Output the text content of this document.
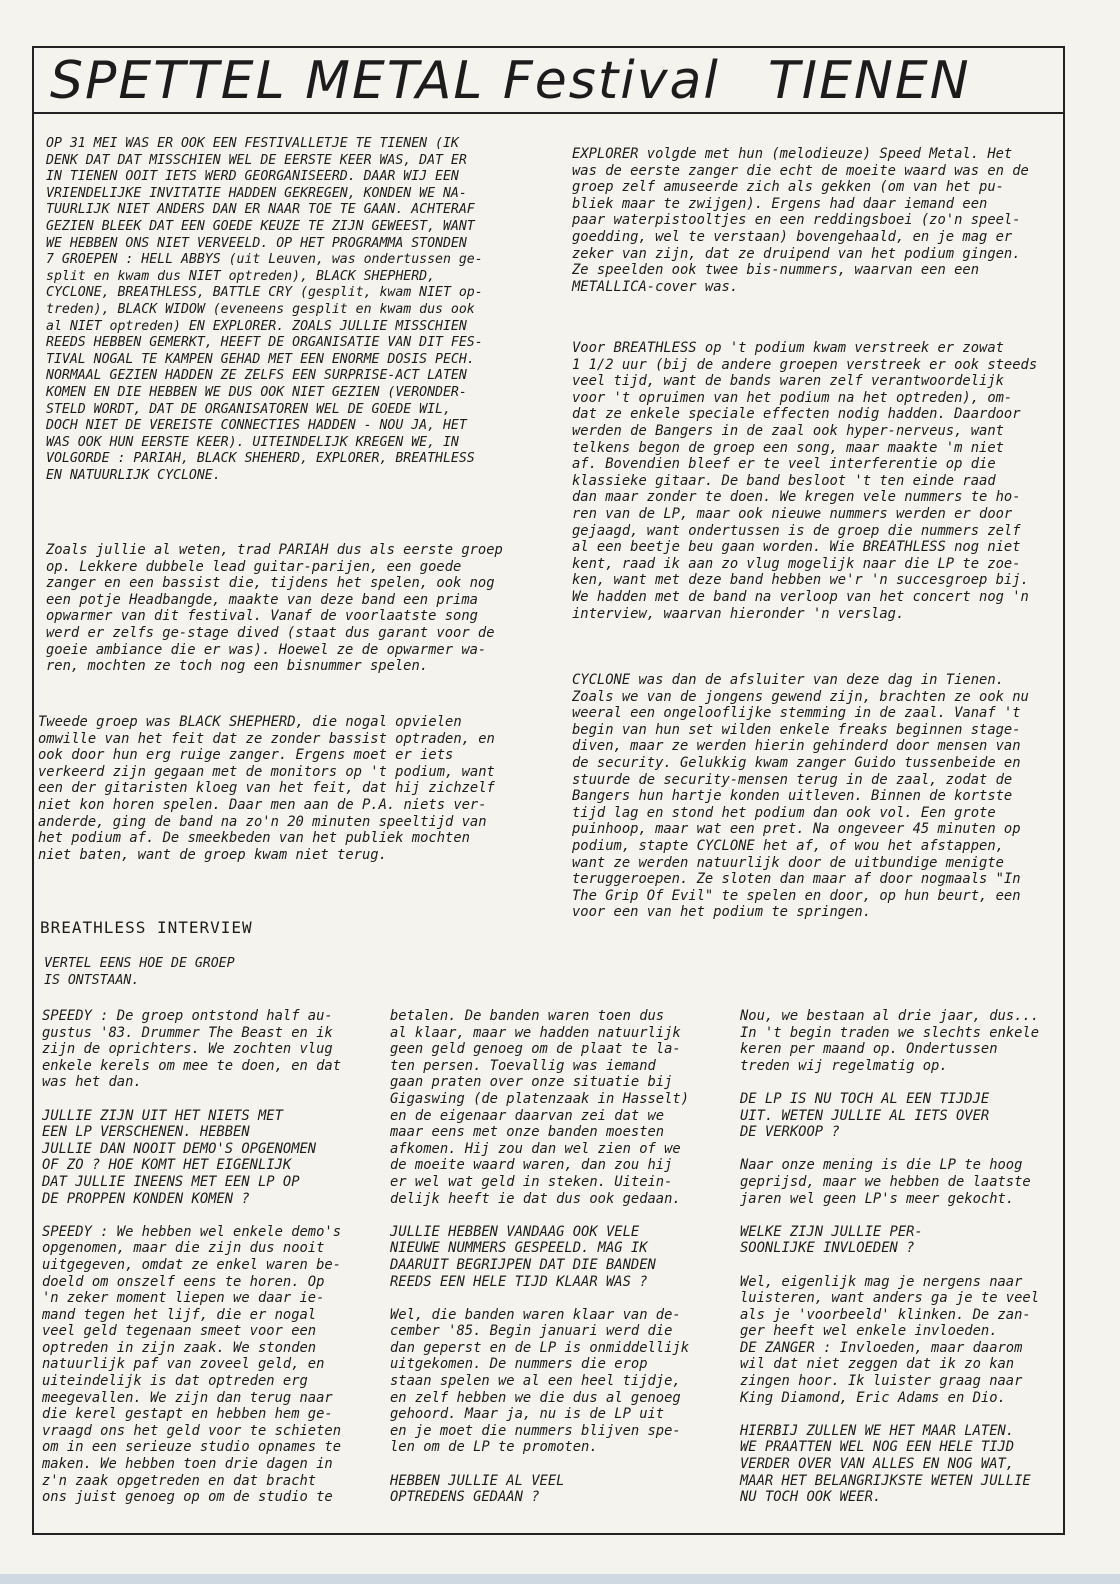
SPETTEL METAL Festival TIENEN
OP 31 MEI WAS ER OOK EEN FESTIVALLETJE TE TIENEN (IK
DENK DAT DAT MISSCHIEN WEL DE EERSTE KEER WAS, DAT ER
IN TIENEN OOIT IETS WERD GEORGANISEERD. DAAR WIJ EEN
VRIENDELIJKE INVITATIE HADDEN GEKREGEN, KONDEN WE NA-
TUURLIJK NIET ANDERS DAN ER NAAR TOE TE GAAN. ACHTERAF
GEZIEN BLEEK DAT EEN GOEDE KEUZE TE ZIJN GEWEEST, WANT
WE HEBBEN ONS NIET VERVEELD. OP HET PROGRAMMA STONDEN
7 GROEPEN : HELL ABBYS (uit Leuven, was ondertussen ge-
split en kwam dus NIET optreden), BLACK SHEPHERD,
CYCLONE, BREATHLESS, BATTLE CRY (gesplit, kwam NIET op-
treden), BLACK WIDOW (eveneens gesplit en kwam dus ook
al NIET optreden) EN EXPLORER. ZOALS JULLIE MISSCHIEN
REEDS HEBBEN GEMERKT, HEEFT DE ORGANISATIE VAN DIT FES-
TIVAL NOGAL TE KAMPEN GEHAD MET EEN ENORME DOSIS PECH.
NORMAAL GEZIEN HADDEN ZE ZELFS EEN SURPRISE-ACT LATEN
KOMEN EN DIE HEBBEN WE DUS OOK NIET GEZIEN (VERONDER-
STELD WORDT, DAT DE ORGANISATOREN WEL DE GOEDE WIL,
DOCH NIET DE VEREISTE CONNECTIES HADDEN - NOU JA, HET
WAS OOK HUN EERSTE KEER). UITEINDELIJK KREGEN WE, IN
VOLGORDE : PARIAH, BLACK SHEHERD, EXPLORER, BREATHLESS
EN NATUURLIJK CYCLONE.
Zoals jullie al weten, trad PARIAH dus als eerste groep
op. Lekkere dubbele lead guitar-parijen, een goede
zanger en een bassist die, tijdens het spelen, ook nog
een potje Headbangde, maakte van deze band een prima
opwarmer van dit festival. Vanaf de voorlaatste song
werd er zelfs ge-stage dived (staat dus garant voor de
goeie ambiance die er was). Hoewel ze de opwarmer wa-
ren, mochten ze toch nog een bisnummer spelen.
Tweede groep was BLACK SHEPHERD, die nogal opvielen
omwille van het feit dat ze zonder bassist optraden, en
ook door hun erg ruige zanger. Ergens moet er iets
verkeerd zijn gegaan met de monitors op 't podium, want
een der gitaristen kloeg van het feit, dat hij zichzelf
niet kon horen spelen. Daar men aan de P.A. niets ver-
anderde, ging de band na zo'n 20 minuten speeltijd van
het podium af. De smeekbeden van het publiek mochten
niet baten, want de groep kwam niet terug.
EXPLORER volgde met hun (melodieuze) Speed Metal. Het
was de eerste zanger die echt de moeite waard was en de
groep zelf amuseerde zich als gekken (om van het pu-
bliek maar te zwijgen). Ergens had daar iemand een
paar waterpistooltjes en een reddingsboei (zo'n speel-
goedding, wel te verstaan) bovengehaald, en je mag er
zeker van zijn, dat ze druipend van het podium gingen.
Ze speelden ook twee bis-nummers, waarvan een een
METALLICA-cover was.
Voor BREATHLESS op 't podium kwam verstreek er zowat
1 1/2 uur (bij de andere groepen verstreek er ook steeds
veel tijd, want de bands waren zelf verantwoordelijk
voor 't opruimen van het podium na het optreden), om-
dat ze enkele speciale effecten nodig hadden. Daardoor
werden de Bangers in de zaal ook hyper-nerveus, want
telkens begon de groep een song, maar maakte 'm niet
af. Bovendien bleef er te veel interferentie op die
klassieke gitaar. De band besloot 't ten einde raad
dan maar zonder te doen. We kregen vele nummers te ho-
ren van de LP, maar ook nieuwe nummers werden er door
gejaagd, want ondertussen is de groep die nummers zelf
al een beetje beu gaan worden. Wie BREATHLESS nog niet
kent, raad ik aan zo vlug mogelijk naar die LP te zoe-
ken, want met deze band hebben we'r 'n succesgroep bij.
We hadden met de band na verloop van het concert nog 'n
interview, waarvan hieronder 'n verslag.
CYCLONE was dan de afsluiter van deze dag in Tienen.
Zoals we van de jongens gewend zijn, brachten ze ook nu
weeral een ongelooflijke stemming in de zaal. Vanaf 't
begin van hun set wilden enkele freaks beginnen stage-
diven, maar ze werden hierin gehinderd door mensen van
de security. Gelukkig kwam zanger Guido tussenbeide en
stuurde de security-mensen terug in de zaal, zodat de
Bangers hun hartje konden uitleven. Binnen de kortste
tijd lag en stond het podium dan ook vol. Een grote
puinhoop, maar wat een pret. Na ongeveer 45 minuten op
podium, stapte CYCLONE het af, of wou het afstappen,
want ze werden natuurlijk door de uitbundige menigte
teruggeroepen. Ze sloten dan maar af door nogmaals "In
The Grip Of Evil" te spelen en door, op hun beurt, een
voor een van het podium te springen.
BREATHLESS INTERVIEW
VERTEL EENS HOE DE GROEP
IS ONTSTAAN.
SPEEDY : De groep ontstond half au-
gustus '83. Drummer The Beast en ik
zijn de oprichters. We zochten vlug
enkele kerels om mee te doen, en dat
was het dan.

JULLIE ZIJN UIT HET NIETS MET
EEN LP VERSCHENEN. HEBBEN
JULLIE DAN NOOIT DEMO'S OPGENOMEN
OF ZO ? HOE KOMT HET EIGENLIJK
DAT JULLIE INEENS MET EEN LP OP
DE PROPPEN KONDEN KOMEN ?

SPEEDY : We hebben wel enkele demo's
opgenomen, maar die zijn dus nooit
uitgegeven, omdat ze enkel waren be-
doeld om onszelf eens te horen. Op
'n zeker moment liepen we daar ie-
mand tegen het lijf, die er nogal
veel geld tegenaan smeet voor een
optreden in zijn zaak. We stonden
natuurlijk paf van zoveel geld, en
uiteindelijk is dat optreden erg
meegevallen. We zijn dan terug naar
die kerel gestapt en hebben hem ge-
vraagd ons het geld voor te schieten
om in een serieuze studio opnames te
maken. We hebben toen drie dagen in
z'n zaak opgetreden en dat bracht
ons juist genoeg op om de studio te
betalen. De banden waren toen dus
al klaar, maar we hadden natuurlijk
geen geld genoeg om de plaat te la-
ten persen. Toevallig was iemand
gaan praten over onze situatie bij
Gigaswing (de platenzaak in Hasselt)
en de eigenaar daarvan zei dat we
maar eens met onze banden moesten
afkomen. Hij zou dan wel zien of we
de moeite waard waren, dan zou hij
er wel wat geld in steken. Uitein-
delijk heeft ie dat dus ook gedaan.

JULLIE HEBBEN VANDAAG OOK VELE
NIEUWE NUMMERS GESPEELD. MAG IK
DAARUIT BEGRIJPEN DAT DIE BANDEN
REEDS EEN HELE TIJD KLAAR WAS ?

Wel, die banden waren klaar van de-
cember '85. Begin januari werd die
dan geperst en de LP is onmiddellijk
uitgekomen. De nummers die erop
staan spelen we al een heel tijdje,
en zelf hebben we die dus al genoeg
gehoord. Maar ja, nu is de LP uit
en je moet die nummers blijven spe-
len om de LP te promoten.

HEBBEN JULLIE AL VEEL
OPTREDENS GEDAAN ?
Nou, we bestaan al drie jaar, dus...
In 't begin traden we slechts enkele
keren per maand op. Ondertussen
treden wij regelmatig op.

DE LP IS NU TOCH AL EEN TIJDJE
UIT. WETEN JULLIE AL IETS OVER
DE VERKOOP ?

Naar onze mening is die LP te hoog
geprijsd, maar we hebben de laatste
jaren wel geen LP's meer gekocht.

WELKE ZIJN JULLIE PER-
SOONLIJKE INVLOEDEN ?

Wel, eigenlijk mag je nergens naar
luisteren, want anders ga je te veel
als je 'voorbeeld' klinken. De zan-
ger heeft wel enkele invloeden.
DE ZANGER : Invloeden, maar daarom
wil dat niet zeggen dat ik zo kan
zingen hoor. Ik luister graag naar
King Diamond, Eric Adams en Dio.

HIERBIJ ZULLEN WE HET MAAR LATEN.
WE PRAATTEN WEL NOG EEN HELE TIJD
VERDER OVER VAN ALLES EN NOG WAT,
MAAR HET BELANGRIJKSTE WETEN JULLIE
NU TOCH OOK WEER.
